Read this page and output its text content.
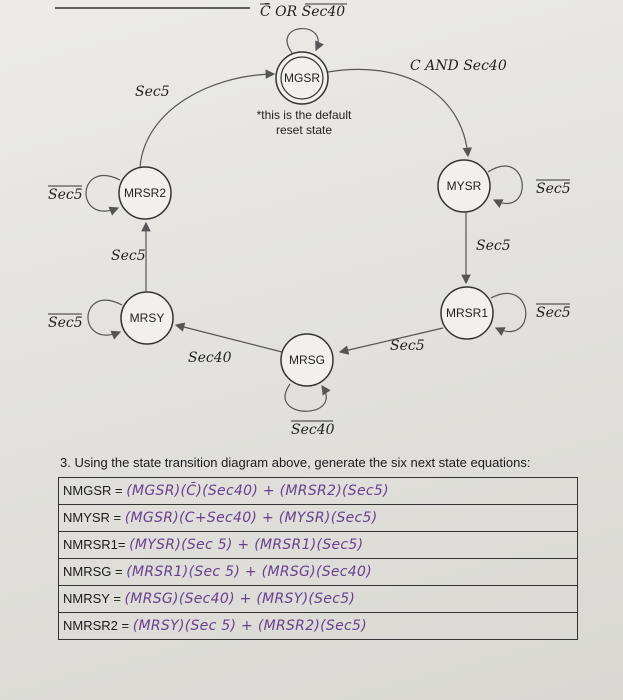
MGSR
MYSR
MRSR1
MRSG
MRSY
MRSR2
C̄ OR Sec40
C AND Sec40
*this is the default
reset state
Sec5
Sec5
Sec5
Sec5
Sec40
Sec40
Sec5
Sec5
Sec5
Sec5
3. Using the state transition diagram above, generate the six next state equations:
NMGSR = (MGSR)(C̄)(Sec40) + (MRSR2)(Sec5)
NMYSR = (MGSR)(C+Sec40) + (MYSR)(Sec5)
NMRSR1= (MYSR)(Sec 5) + (MRSR1)(Sec5)
NMRSG = (MRSR1)(Sec 5) + (MRSG)(Sec40)
NMRSY = (MRSG)(Sec40) + (MRSY)(Sec5)
NMRSR2 = (MRSY)(Sec 5) + (MRSR2)(Sec5)
